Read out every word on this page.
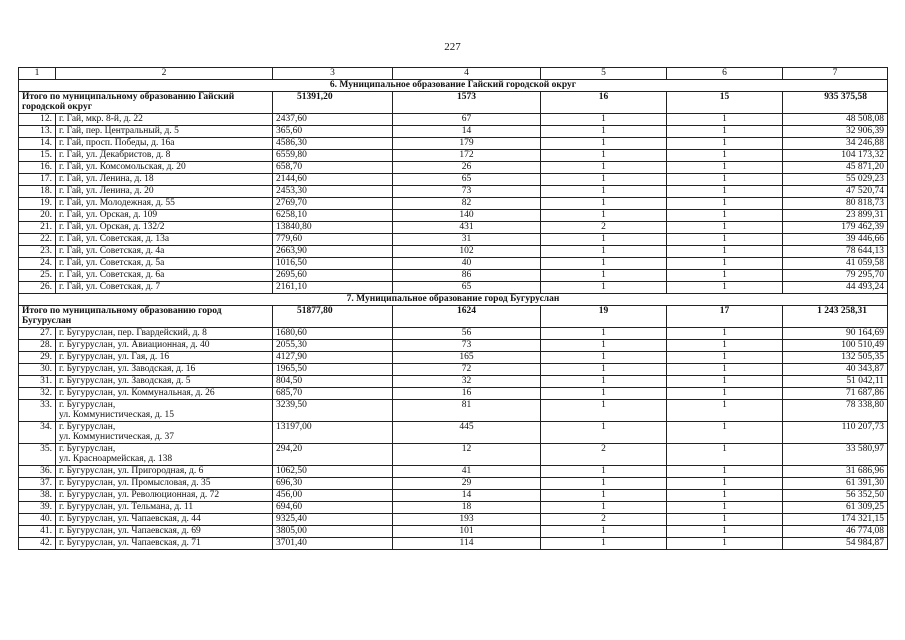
227
1	2	3	4	5	6	7
6. Муниципальное образование Гайский городской округ						
Итого по муниципальному образованию Гайский городской округ		51391,20	1573	16	15	935 375,58
12.	г. Гай, мкр. 8-й, д. 22	2437,60	67	1	1	48 508,08
13.	г. Гай, пер. Центральный, д. 5	365,60	14	1	1	32 906,39
14.	г. Гай, просп. Победы, д. 16а	4586,30	179	1	1	34 246,88
15.	г. Гай, ул. Декабристов, д. 8	6559,80	172	1	1	104 173,32
16.	г. Гай, ул. Комсомольская, д. 20	658,70	26	1	1	45 871,20
17.	г. Гай, ул. Ленина, д. 18	2144,60	65	1	1	55 029,23
18.	г. Гай, ул. Ленина, д. 20	2453,30	73	1	1	47 520,74
19.	г. Гай, ул. Молодежная, д. 55	2769,70	82	1	1	80 818,73
20.	г. Гай, ул. Орская, д. 109	6258,10	140	1	1	23 899,31
21.	г. Гай, ул. Орская, д. 132/2	13840,80	431	2	1	179 462,39
22.	г. Гай, ул. Советская, д. 13а	779,60	31	1	1	39 446,66
23.	г. Гай, ул. Советская, д. 4а	2663,90	102	1	1	78 644,13
24.	г. Гай, ул. Советская, д. 5а	1016,50	40	1	1	41 059,58
25.	г. Гай, ул. Советская, д. 6а	2695,60	86	1	1	79 295,70
26.	г. Гай, ул. Советская, д. 7	2161,10	65	1	1	44 493,24
7. Муниципальное образование город Бугуруслан						
Итого по муниципальному образованию город Бугуруслан		51877,80	1624	19	17	1 243 258,31
27.	г. Бугуруслан, пер. Гвардейский, д. 8	1680,60	56	1	1	90 164,69
28.	г. Бугуруслан, ул. Авиационная, д. 40	2055,30	73	1	1	100 510,49
29.	г. Бугуруслан, ул. Гая, д. 16	4127,90	165	1	1	132 505,35
30.	г. Бугуруслан, ул. Заводская, д. 16	1965,50	72	1	1	40 343,87
31.	г. Бугуруслан, ул. Заводская, д. 5	804,50	32	1	1	51 042,11
32.	г. Бугуруслан, ул. Коммунальная, д. 26	685,70	16	1	1	71 687,86
33.	г. Бугуруслан,
ул. Коммунистическая, д. 15	3239,50	81	1	1	78 338,80
34.	г. Бугуруслан,
ул. Коммунистическая, д. 37	13197,00	445	1	1	110 207,73
35.	г. Бугуруслан,
ул. Красноармейская, д. 138	294,20	12	2	1	33 580,97
36.	г. Бугуруслан, ул. Пригородная, д. 6	1062,50	41	1	1	31 686,96
37.	г. Бугуруслан, ул. Промысловая, д. 35	696,30	29	1	1	61 391,30
38.	г. Бугуруслан, ул. Революционная, д. 72	456,00	14	1	1	56 352,50
39.	г. Бугуруслан, ул. Тельмана, д. 11	694,60	18	1	1	61 309,25
40.	г. Бугуруслан, ул. Чапаевская, д. 44	9325,40	193	2	1	174 321,15
41.	г. Бугуруслан, ул. Чапаевская, д. 69	3805,00	101	1	1	46 774,08
42.	г. Бугуруслан, ул. Чапаевская, д. 71	3701,40	114	1	1	54 984,87
